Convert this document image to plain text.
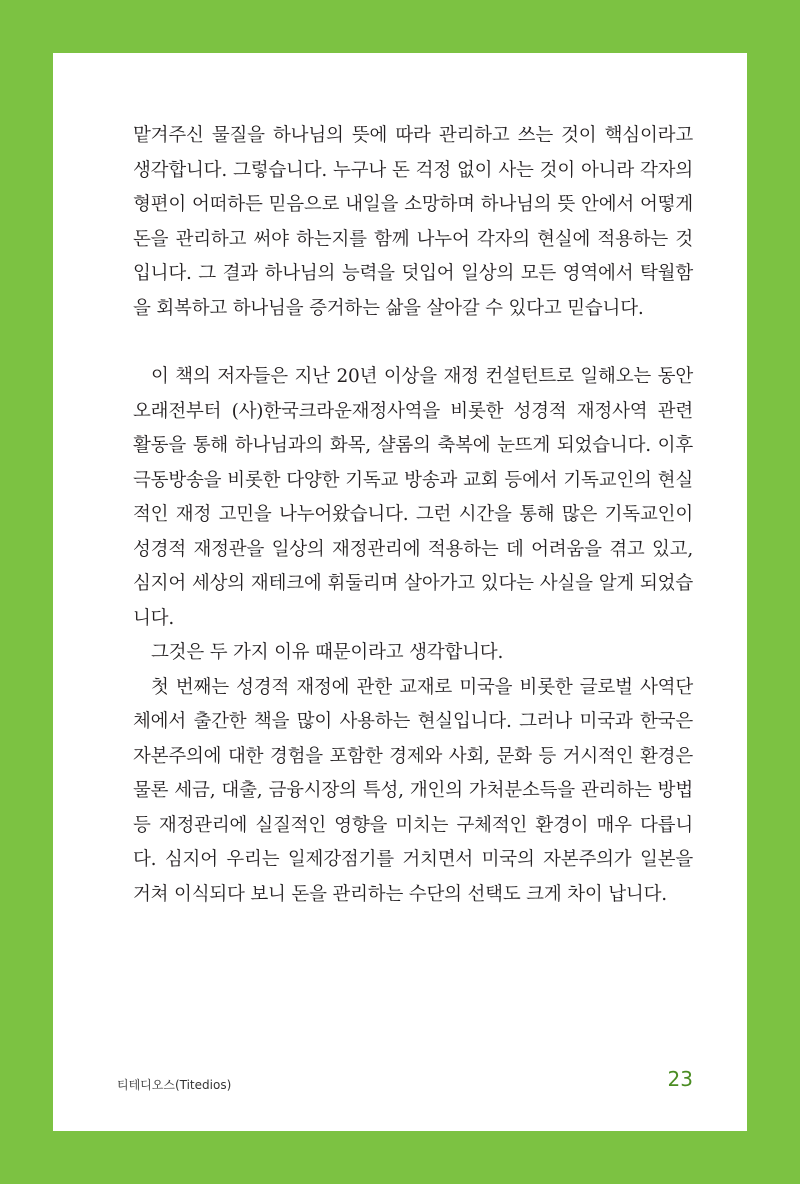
맡겨주신 물질을 하나님의 뜻에 따라 관리하고 쓰는 것이 핵심이라고 생각합니다. 그렇습니다. 누구나 돈 걱정 없이 사는 것이 아니라 각자의 형편이 어떠하든 믿음으로 내일을 소망하며 하나님의 뜻 안에서 어떻게 돈을 관리하고 써야 하는지를 함께 나누어 각자의 현실에 적용하는 것입니다. 그 결과 하나님의 능력을 덧입어 일상의 모든 영역에서 탁월함을 회복하고 하나님을 증거하는 삶을 살아갈 수 있다고 믿습니다.

이 책의 저자들은 지난 20년 이상을 재정 컨설턴트로 일해오는 동안 오래전부터 (사)한국크라운재정사역을 비롯한 성경적 재정사역 관련 활동을 통해 하나님과의 화목, 샬롬의 축복에 눈뜨게 되었습니다. 이후 극동방송을 비롯한 다양한 기독교 방송과 교회 등에서 기독교인의 현실적인 재정 고민을 나누어왔습니다. 그런 시간을 통해 많은 기독교인이 성경적 재정관을 일상의 재정관리에 적용하는 데 어려움을 겪고 있고, 심지어 세상의 재테크에 휘둘리며 살아가고 있다는 사실을 알게 되었습니다.

그것은 두 가지 이유 때문이라고 생각합니다.

첫 번째는 성경적 재정에 관한 교재로 미국을 비롯한 글로벌 사역단체에서 출간한 책을 많이 사용하는 현실입니다. 그러나 미국과 한국은 자본주의에 대한 경험을 포함한 경제와 사회, 문화 등 거시적인 환경은 물론 세금, 대출, 금융시장의 특성, 개인의 가처분소득을 관리하는 방법 등 재정관리에 실질적인 영향을 미치는 구체적인 환경이 매우 다릅니다. 심지어 우리는 일제강점기를 거치면서 미국의 자본주의가 일본을 거쳐 이식되다 보니 돈을 관리하는 수단의 선택도 크게 차이 납니다.

티테디오스(Titedios)	23
